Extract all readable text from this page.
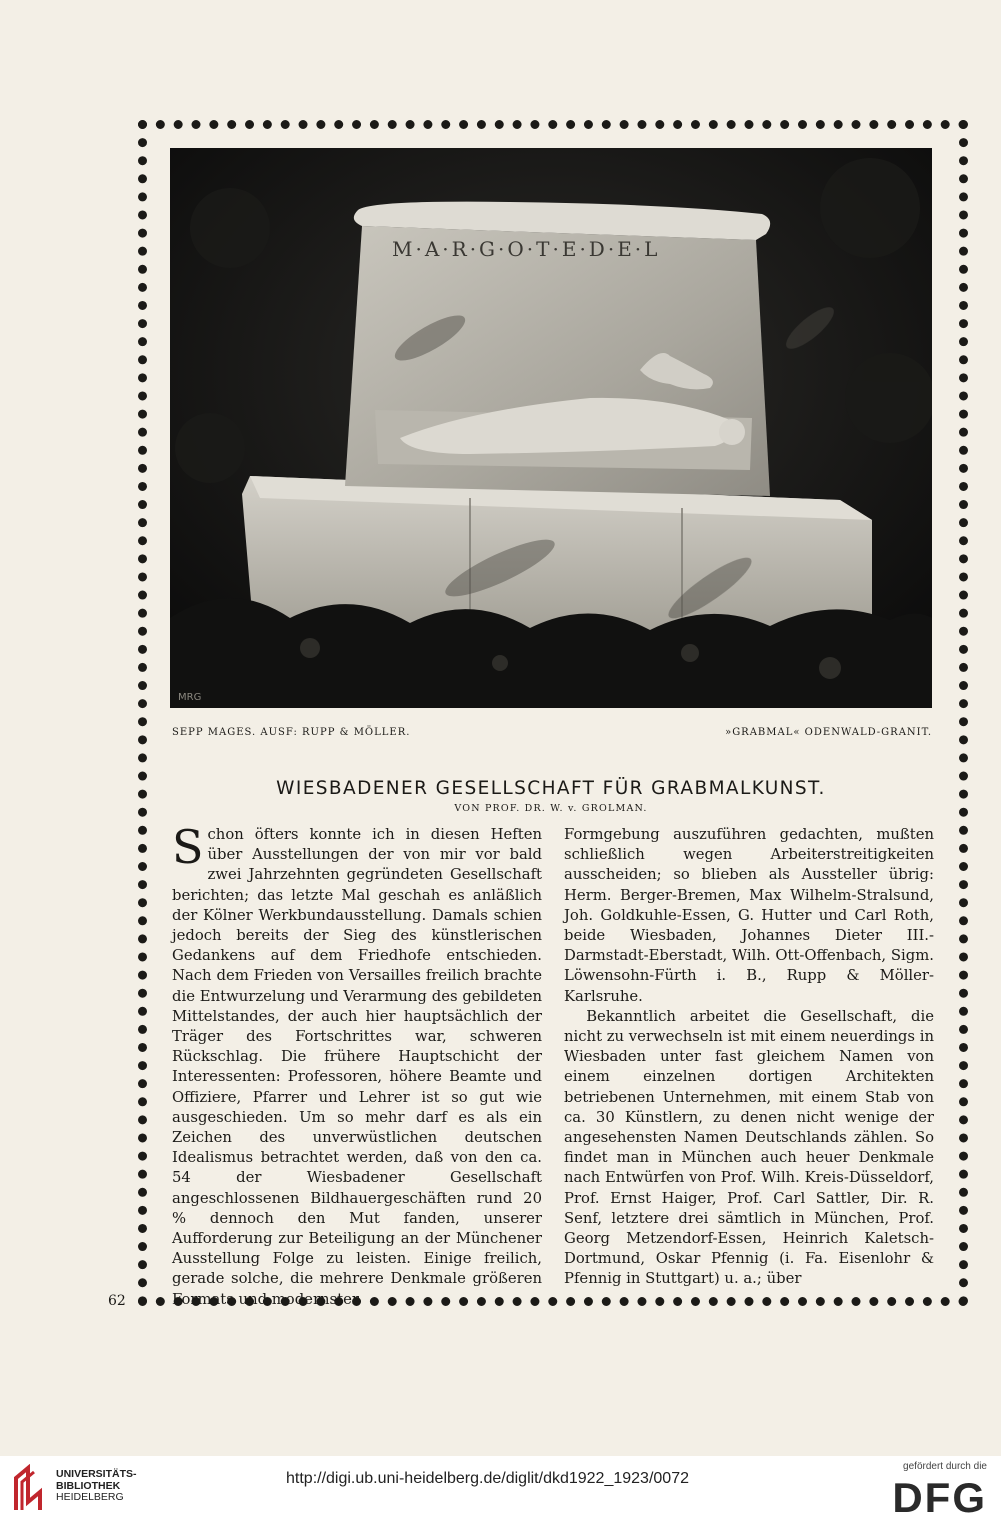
M·A·R·G·O·T·E·D·E·L
MRG
SEPP MAGES. AUSF: RUPP & MÖLLER.	»GRABMAL« ODENWALD-GRANIT.
WIESBADENER GESELLSCHAFT FÜR GRABMALKUNST.
VON PROF. DR. W. v. GROLMAN.

Schon öfters konnte ich in diesen Heften über Ausstellungen der von mir vor bald zwei Jahrzehnten gegründeten Gesellschaft berichten; das letzte Mal geschah es anläßlich der Kölner Werkbundausstellung. Damals schien jedoch bereits der Sieg des künstlerischen Gedankens auf dem Friedhofe entschieden. Nach dem Frieden von Versailles freilich brachte die Entwurzelung und Verarmung des gebildeten Mittelstandes, der auch hier hauptsächlich der Träger des Fortschrittes war, schweren Rückschlag. Die frühere Hauptschicht der Interessenten: Professoren, höhere Beamte und Offiziere, Pfarrer und Lehrer ist so gut wie ausgeschieden. Um so mehr darf es als ein Zeichen des unverwüstlichen deutschen Idealismus betrachtet werden, daß von den ca. 54 der Wiesbadener Gesellschaft angeschlossenen Bildhauergeschäften rund 20 % dennoch den Mut fanden, unserer Aufforderung zur Beteiligung an der Münchener Ausstellung Folge zu leisten. Einige freilich, gerade solche, die mehrere Denkmale größeren Formats und modernster

Formgebung auszuführen gedachten, mußten schließlich wegen Arbeiterstreitigkeiten ausscheiden; so blieben als Aussteller übrig: Herm. Berger-Bremen, Max Wilhelm-Stralsund, Joh. Goldkuhle-Essen, G. Hutter und Carl Roth, beide Wiesbaden, Johannes Dieter III.-Darmstadt-Eberstadt, Wilh. Ott-Offenbach, Sigm. Löwensohn-Fürth i. B., Rupp & Möller-Karlsruhe.

Bekanntlich arbeitet die Gesellschaft, die nicht zu verwechseln ist mit einem neuerdings in Wiesbaden unter fast gleichem Namen von einem einzelnen dortigen Architekten betriebenen Unternehmen, mit einem Stab von ca. 30 Künstlern, zu denen nicht wenige der angesehensten Namen Deutschlands zählen. So findet man in München auch heuer Denkmale nach Entwürfen von Prof. Wilh. Kreis-Düsseldorf, Prof. Ernst Haiger, Prof. Carl Sattler, Dir. R. Senf, letztere drei sämtlich in München, Prof. Georg Metzendorf-Essen, Heinrich Kaletsch-Dortmund, Oskar Pfennig (i. Fa. Eisenlohr & Pfennig in Stuttgart) u. a.; über

62
UNIVERSITÄTS-
BIBLIOTHEK
HEIDELBERG
http://digi.ub.uni-heidelberg.de/diglit/dkd1922_1923/0072
gefördert durch die
DFG
